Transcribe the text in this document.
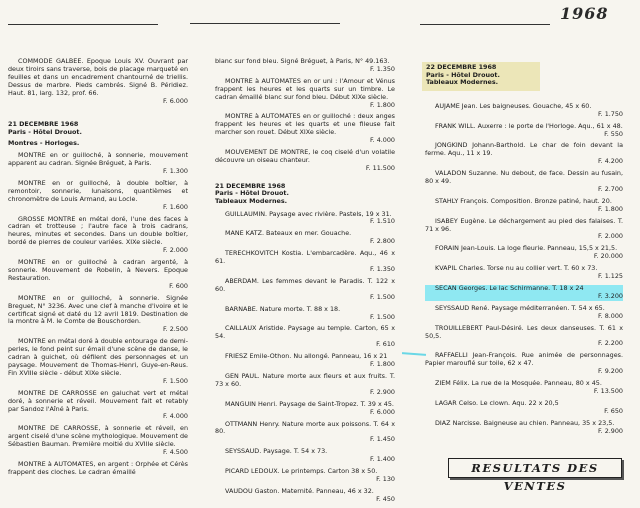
1968

COMMODE GALBEE. Epoque Louis XV. Ouvrant par deux tiroirs sans traverse, bois de placage marqueté en feuilles et dans un encadrement chantourné de triellis. Dessus de marbre. Pieds cambrés. Signé B. Péridiez. Haut. 81, larg. 132, prof. 66.
F. 6.000

21 DECEMBRE 1968
Paris - Hôtel Drouot.
Montres - Horloges.

MONTRE en or guilloché, à sonnerie, mouvement apparent au cadran. Signée Bréguet, à Paris.
F. 1.300

MONTRE en or guilloché, à double boîtier, à remontoir, sonnerie, lunaisons, quantièmes et chronomètre de Louis Armand, au Locle.
F. 1.600

GROSSE MONTRE en métal doré, l'une des faces à cadran et trotteuse ; l'autre face à trois cadrans, heures, minutes et secondes. Dans un double boîtier, bordé de pierres de couleur variées. XIXe siècle.
F. 2.000

MONTRE en or guilloché à cadran argenté, à sonnerie. Mouvement de Robelin, à Nevers. Epoque Restauration.
F. 600

MONTRE en or guilloché, à sonnerie. Signée Breguet, N° 3236. Avec une clef à manche d'ivoire et le certificat signé et daté du 12 avril 1819. Destination de la montre à M. le Comte de Bouschorden.
F. 2.500

MONTRE en métal doré à double entourage de demi-perles, le fond peint sur émail d'une scène de danse, le cadran à guichet, où défilent des personnages et un paysage. Mouvement de Thomas-Henri, Guye-en-Reus. Fin XVIIIe siècle - début XIXe siècle.
F. 1.500

MONTRE DE CARROSSE en galuchat vert et métal doré, à sonnerie et réveil. Mouvement fait et retably par Sandoz l'Aîné à Paris.
F. 4.000

MONTRE DE CARROSSE, à sonnerie et réveil, en argent ciselé d'une scène mythologique. Mouvement de Sébastien Bauman. Première moitié du XVIIIe siècle.
F. 4.500

MONTRE à AUTOMATES, en argent : Orphée et Cérès frappent des cloches. Le cadran émaillé

blanc sur fond bleu. Signé Bréguet, à Paris, N° 49.163.
F. 1.350

MONTRE à AUTOMATES en or uni : l'Amour et Vénus frappent les heures et les quarts sur un timbre. Le cadran émaillé blanc sur fond bleu. Début XIXe siècle.
F. 1.800

MONTRE à AUTOMATES en or guilloché : deux anges frappent les heures et les quarts et une fileuse fait marcher son rouet. Début XIXe siècle.
F. 4.000

MOUVEMENT DE MONTRE, le coq ciselé d'un volatile découvre un oiseau chanteur.
F. 11.500

21 DECEMBRE 1968
Paris - Hôtel Drouot.
Tableaux Modernes.

GUILLAUMIN. Paysage avec rivière. Pastels, 19 x 31.
F. 1.510

MANE KATZ. Bateaux en mer. Gouache.
F. 2.800

TERECHKOVITCH Kostia. L'embarcadère. Aqu., 46 x 61.
F. 1.350

ABERDAM. Les femmes devant le Paradis. T. 122 x 60.
F. 1.500

BARNABE. Nature morte. T. 88 x 18.
F. 1.500

CAILLAUX Aristide. Paysage au temple. Carton, 65 x 54.
F. 610

FRIESZ Emile-Othon. Nu allongé. Panneau, 16 x 21
F. 1.800

GEN PAUL. Nature morte aux fleurs et aux fruits. T. 73 x 60.
F. 2.900

MANGUIN Henri. Paysage de Saint-Tropez. T. 39 x 45.
F. 6.000

OTTMANN Henry. Nature morte aux poissons. T. 64 x 80.
F. 1.450

SEYSSAUD. Paysage. T. 54 x 73.
F. 1.400

PICARD LEDOUX. Le printemps. Carton 38 x 50.
F. 130

VAUDOU Gaston. Maternité. Panneau, 46 x 32.
F. 450

22 DECEMBRE 1968
Paris - Hôtel Drouot.
Tableaux Modernes.

AUJAME Jean. Les baigneuses. Gouache, 45 x 60.
F. 1.750

FRANK WILL. Auxerre : le porte de l'Horloge. Aqu., 61 x 48.
F. 550

JONGKIND Johann-Barthold. Le char de foin devant la ferme. Aqu., 11 x 19.
F. 4.200

VALADON Suzanne. Nu debout, de face. Dessin au fusain, 80 x 49.
F. 2.700

STAHLY François. Composition. Bronze patiné, haut. 20.
F. 1.800

ISABEY Eugène. Le déchargement au pied des falaises. T. 71 x 96.
F. 2.000

FORAIN Jean-Louis. La loge fleurie. Panneau, 15,5 x 21,5.
F. 20.000

KVAPIL Charles. Torse nu au collier vert. T. 60 x 73.
F. 1.125

SECAN Georges. Le lac Schirmanne. T. 18 x 24
F. 3.200

SEYSSAUD René. Paysage méditerranéen. T. 54 x 65.
F. 8.000

TROUILLEBERT Paul-Désiré. Les deux danseuses. T. 61 x 50,5.
F. 2.200

RAFFAELLI Jean-François. Rue animée de personnages. Papier marouflé sur toile, 62 x 47.
F. 9.200

ZIEM Félix. La rue de la Mosquée. Panneau, 80 x 45.
F. 13.500

LAGAR Celso. Le clown. Aqu. 22 x 20,5
F. 650

DIAZ Narcisse. Baigneuse au chien. Panneau, 35 x 23,5.
F. 2.900

RESULTATS DES VENTES
